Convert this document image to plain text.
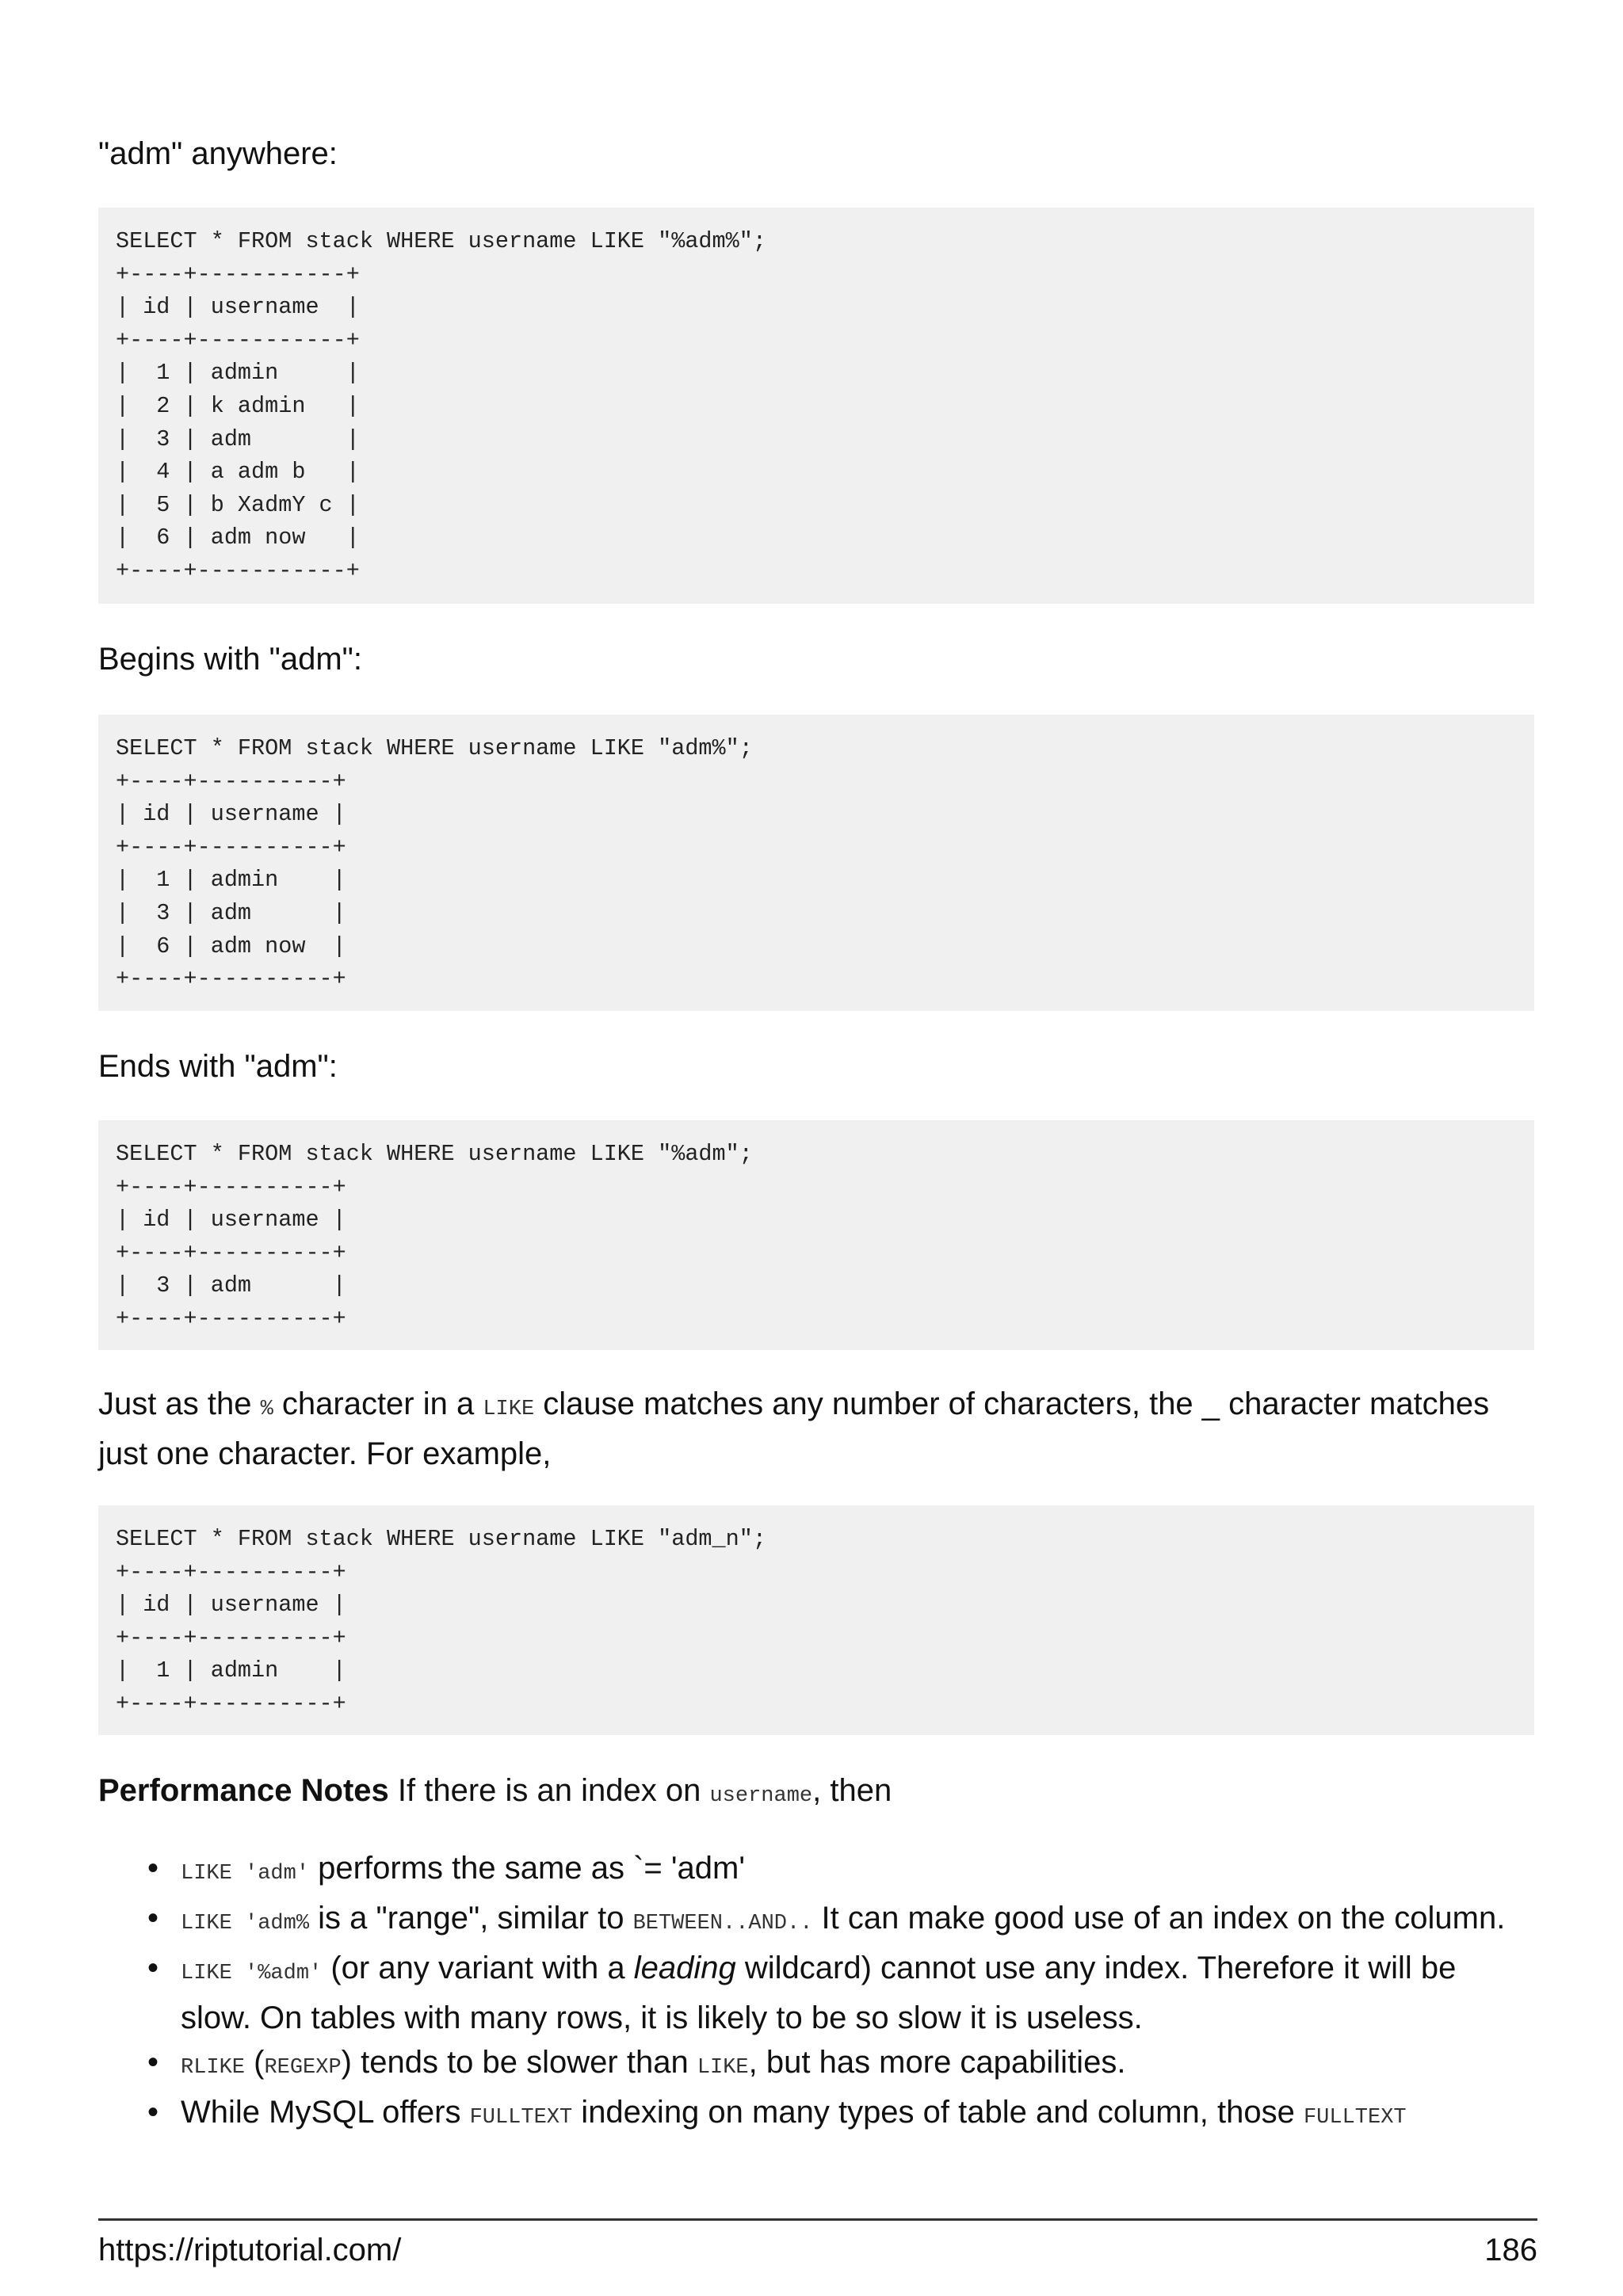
"adm" anywhere:

SELECT * FROM stack WHERE username LIKE "%adm%";
+----+-----------+
| id | username  |
+----+-----------+
|  1 | admin     |
|  2 | k admin   |
|  3 | adm       |
|  4 | a adm b   |
|  5 | b XadmY c |
|  6 | adm now   |
+----+-----------+

Begins with "adm":

SELECT * FROM stack WHERE username LIKE "adm%";
+----+----------+
| id | username |
+----+----------+
|  1 | admin    |
|  3 | adm      |
|  6 | adm now  |
+----+----------+

Ends with "adm":

SELECT * FROM stack WHERE username LIKE "%adm";
+----+----------+
| id | username |
+----+----------+
|  3 | adm      |
+----+----------+

Just as the % character in a LIKE clause matches any number of characters, the _ character matches just one character. For example,

SELECT * FROM stack WHERE username LIKE "adm_n";
+----+----------+
| id | username |
+----+----------+
|  1 | admin    |
+----+----------+

Performance Notes If there is an index on username, then

• LIKE 'adm' performs the same as `= 'adm'
• LIKE 'adm% is a "range", similar to BETWEEN..AND.. It can make good use of an index on the column.
• LIKE '%adm' (or any variant with a leading wildcard) cannot use any index. Therefore it will be slow. On tables with many rows, it is likely to be so slow it is useless.
• RLIKE (REGEXP) tends to be slower than LIKE, but has more capabilities.
• While MySQL offers FULLTEXT indexing on many types of table and column, those FULLTEXT
https://riptutorial.com/	186
